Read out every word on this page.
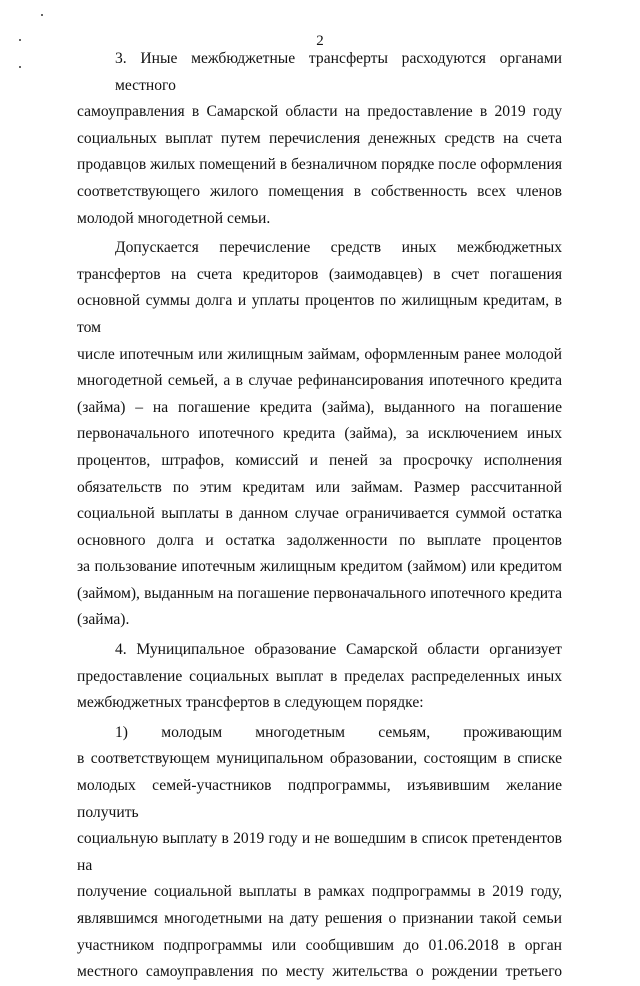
2
3. Иные межбюджетные трансферты расходуются органами местного
самоуправления в Самарской области на предоставление в 2019 году
социальных выплат путем перечисления денежных средств на счета
продавцов жилых помещений в безналичном порядке после оформления
соответствующего жилого помещения в собственность всех членов
молодой многодетной семьи.
Допускается перечисление средств иных межбюджетных
трансфертов на счета кредиторов (заимодавцев) в счет погашения
основной суммы долга и уплаты процентов по жилищным кредитам, в том
числе ипотечным или жилищным займам, оформленным ранее молодой
многодетной семьей, а в случае рефинансирования ипотечного кредита
(займа) – на погашение кредита (займа), выданного на погашение
первоначального ипотечного кредита (займа), за исключением иных
процентов, штрафов, комиссий и пеней за просрочку исполнения
обязательств по этим кредитам или займам. Размер рассчитанной
социальной выплаты в данном случае ограничивается суммой остатка
основного долга и остатка задолженности по выплате процентов
за пользование ипотечным жилищным кредитом (займом) или кредитом
(займом), выданным на погашение первоначального ипотечного кредита
(займа).
4. Муниципальное образование Самарской области организует
предоставление социальных выплат в пределах распределенных иных
межбюджетных трансфертов в следующем порядке:
1) молодым многодетным семьям, проживающим
в соответствующем муниципальном образовании, состоящим в списке
молодых семей-участников подпрограммы, изъявившим желание получить
социальную выплату в 2019 году и не вошедшим в список претендентов на
получение социальной выплаты в рамках подпрограммы в 2019 году,
являвшимся многодетными на дату решения о признании такой семьи
участником подпрограммы или сообщившим до 01.06.2018 в орган
местного самоуправления по месту жительства о рождении третьего
